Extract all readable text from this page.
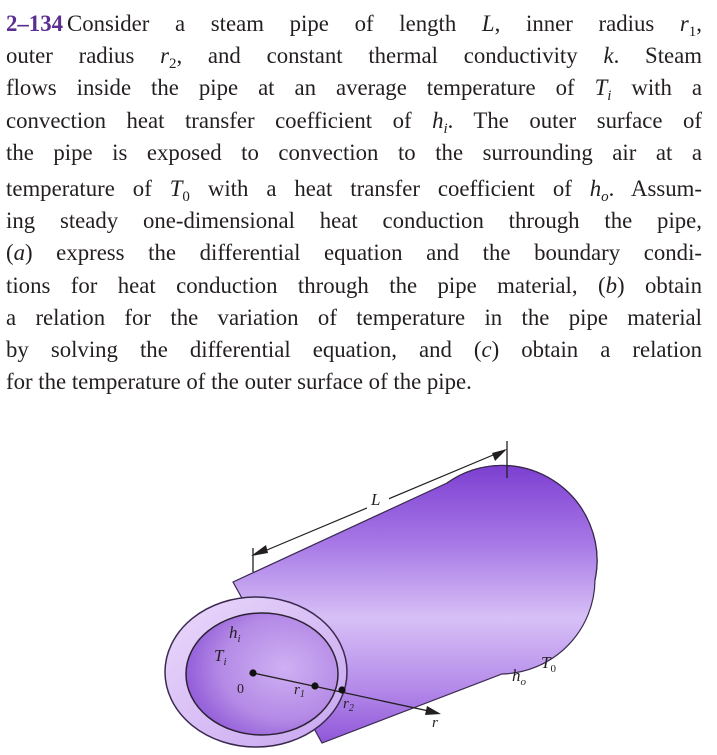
2–134 Consider a steam pipe of length L, inner radius $r_1$,
outer radius $r_2$, and constant thermal conductivity k. Steam
flows inside the pipe at an average temperature of $T_i$ with a
convection heat transfer coefficient of $h_i$. The outer surface of
the pipe is exposed to convection to the surrounding air at a
temperature of $T_0$ with a heat transfer coefficient of $h_o$. Assum-
ing steady one-dimensional heat conduction through the pipe,
(a) express the differential equation and the boundary condi-
tions for heat conduction through the pipe material, (b) obtain
a relation for the variation of temperature in the pipe material
by solving the differential equation, and (c) obtain a relation
for the temperature of the outer surface of the pipe.
L
$h_i$
$T_i$
0	$r_1$
$r_2$
r
$h_o$
$T_0$
